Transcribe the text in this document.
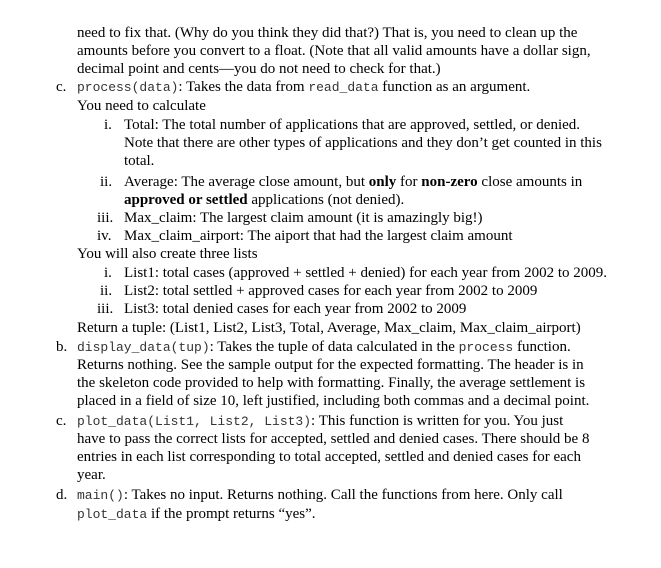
need to fix that. (Why do you think they did that?) That is, you need to clean up the
amounts before you convert to a float. (Note that all valid amounts have a dollar sign,
decimal point and cents—you do not need to check for that.)
c. process(data): Takes the data from read_data function as an argument.
You need to calculate
i. Total: The total number of applications that are approved, settled, or denied.
Note that there are other types of applications and they don’t get counted in this
total.
ii. Average: The average close amount, but only for non-zero close amounts in
approved or settled applications (not denied).
iii. Max_claim: The largest claim amount (it is amazingly big!)
iv. Max_claim_airport: The aiport that had the largest claim amount
You will also create three lists
i. List1: total cases (approved + settled + denied) for each year from 2002 to 2009.
ii. List2: total settled + approved cases for each year from 2002 to 2009
iii. List3: total denied cases for each year from 2002 to 2009
Return a tuple: (List1, List2, List3, Total, Average, Max_claim, Max_claim_airport)
b. display_data(tup): Takes the tuple of data calculated in the process function.
Returns nothing. See the sample output for the expected formatting. The header is in
the skeleton code provided to help with formatting. Finally, the average settlement is
placed in a field of size 10, left justified, including both commas and a decimal point.
c. plot_data(List1, List2, List3): This function is written for you. You just
have to pass the correct lists for accepted, settled and denied cases. There should be 8
entries in each list corresponding to total accepted, settled and denied cases for each
year.
d. main(): Takes no input. Returns nothing. Call the functions from here. Only call
plot_data if the prompt returns “yes”.
